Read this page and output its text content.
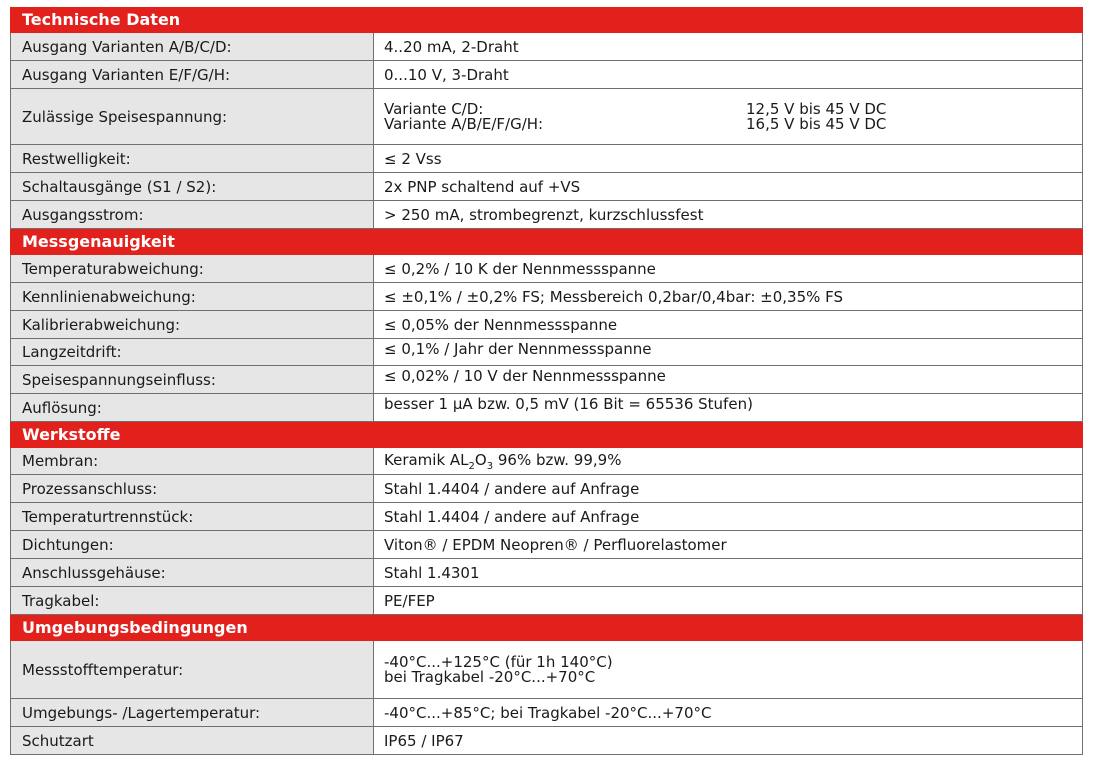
Technische Daten
Ausgang Varianten A/B/C/D:	4..20 mA, 2-Draht
Ausgang Varianten E/F/G/H:	0...10 V, 3-Draht
Zulässige Speisespannung:	Variante C/D:	12,5 V bis 45 V DC
Variante A/B/E/F/G/H:	16,5 V bis 45 V DC
Restwelligkeit:	≤ 2 Vss
Schaltausgänge (S1 / S2):	2x PNP schaltend auf +VS
Ausgangsstrom:	> 250 mA, strombegrenzt, kurzschlussfest
Messgenauigkeit
Temperaturabweichung:	≤ 0,2% / 10 K der Nennmessspanne
Kennlinienabweichung:	≤ ±0,1% / ±0,2% FS; Messbereich 0,2bar/0,4bar: ±0,35% FS
Kalibrierabweichung:	≤ 0,05% der Nennmessspanne
Langzeitdrift:	≤ 0,1% / Jahr der Nennmessspanne
Speisespannungseinfluss:	≤ 0,02% / 10 V der Nennmessspanne
Auflösung:	besser 1 µA bzw. 0,5 mV (16 Bit = 65536 Stufen)
Werkstoffe
Membran:	Keramik $AL_2O_3$ 96% bzw. 99,9%
Prozessanschluss:	Stahl 1.4404 / andere auf Anfrage
Temperaturtrennstück:	Stahl 1.4404 / andere auf Anfrage
Dichtungen:	Viton® / EPDM Neopren® / Perfluorelastomer
Anschlussgehäuse:	Stahl 1.4301
Tragkabel:	PE/FEP
Umgebungsbedingungen
Messstofftemperatur:	-40°C...+125°C (für 1h 140°C)
bei Tragkabel -20°C...+70°C
Umgebungs- /Lagertemperatur:	-40°C...+85°C; bei Tragkabel -20°C...+70°C
Schutzart	IP65 / IP67
